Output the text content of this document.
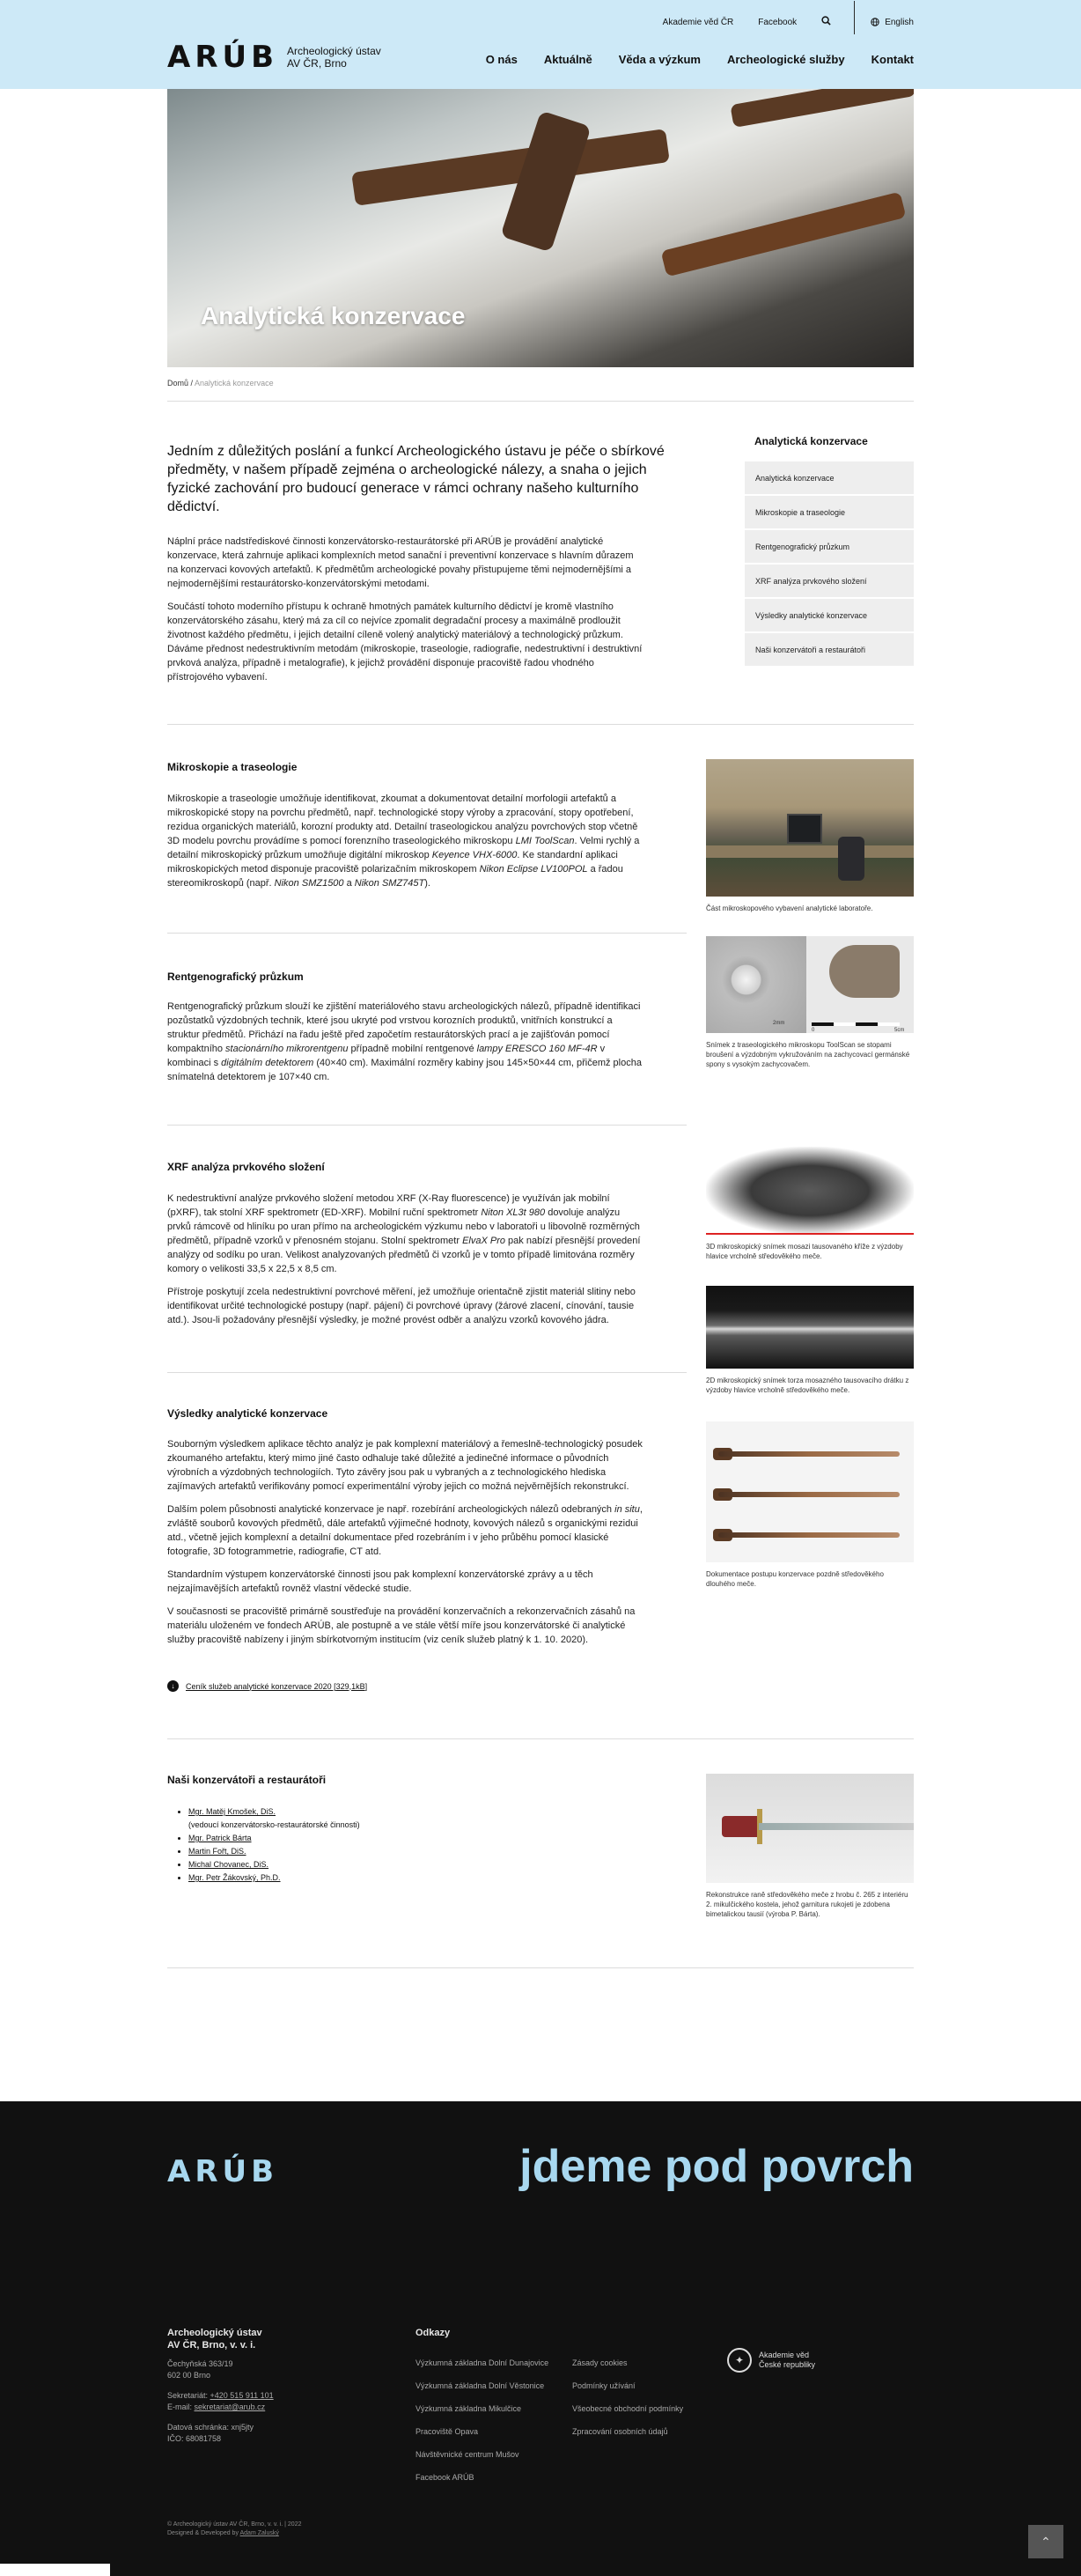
Akademie věd ČR	Facebook	English
ARÚB Archeologický ústav
AV ČR, Brno	O nás Aktuálně Věda a výzkum Archeologické služby Kontakt
Analytická konzervace
Domů / Analytická konzervace
Jedním z důležitých poslání a funkcí Archeologického ústavu je péče o sbírkové předměty, v našem případě zejména o archeologické nálezy, a snaha o jejich fyzické zachování pro budoucí generace v rámci ochrany našeho kulturního dědictví.

Náplní práce nadstřediskové činnosti konzervátorsko-restaurátorské při ARÚB je provádění analytické konzervace, která zahrnuje aplikaci komplexních metod sanační i preventivní konzervace s hlavním důrazem na konzervaci kovových artefaktů. K předmětům archeologické povahy přistupujeme těmi nejmodernějšími a nejmodernějšími restaurátorsko-konzervátorskými metodami.

Součástí tohoto moderního přístupu k ochraně hmotných památek kulturního dědictví je kromě vlastního konzervátorského zásahu, který má za cíl co nejvíce zpomalit degradační procesy a maximálně prodloužit životnost každého předmětu, i jejich detailní cíleně volený analytický materiálový a technologický průzkum. Dáváme přednost nedestruktivním metodám (mikroskopie, traseologie, radiografie, nedestruktivní i destruktivní prvková analýza, případně i metalografie), k jejichž provádění disponuje pracoviště řadou vhodného přístrojového vybavení.

Analytická konzervace
Analytická konzervace
Mikroskopie a traseologie
Rentgenografický průzkum
XRF analýza prvkového složení
Výsledky analytické konzervace
Naši konzervátoři a restaurátoři
Mikroskopie a traseologie

Mikroskopie a traseologie umožňuje identifikovat, zkoumat a dokumentovat detailní morfologii artefaktů a mikroskopické stopy na povrchu předmětů, např. technologické stopy výroby a zpracování, stopy opotřebení, rezidua organických materiálů, korozní produkty atd. Detailní traseologickou analýzu povrchových stop včetně 3D modelu povrchu provádíme s pomocí forenzního traseologického mikroskopu LMI ToolScan. Velmi rychlý a detailní mikroskopický průzkum umožňuje digitální mikroskop Keyence VHX-6000. Ke standardní aplikaci mikroskopických metod disponuje pracoviště polarizačním mikroskopem Nikon Eclipse LV100POL a řadou stereomikroskopů (např. Nikon SMZ1500 a Nikon SMZ745T).

Část mikroskopového vybavení analytické laboratoře.
Rentgenografický průzkum

Rentgenografický průzkum slouží ke zjištění materiálového stavu archeologických nálezů, případně identifikaci pozůstatků výzdobných technik, které jsou ukryté pod vrstvou korozních produktů, vnitřních konstrukcí a struktur předmětů. Přichází na řadu ještě před započetím restaurátorských prací a je zajišťován pomocí kompaktního stacionárního mikrorentgenu případně mobilní rentgenové lampy ERESCO 160 MF-4R v kombinaci s digitálním detektorem (40×40 cm). Maximální rozměry kabiny jsou 145×50×44 cm, přičemž plocha snímatelná detektorem je 107×40 cm.

2mm
0	5cm
Snímek z traseologického mikroskopu ToolScan se stopami broušení a výzdobným vykružováním na zachycovací germánské spony s vysokým zachycovačem.
XRF analýza prvkového složení

K nedestruktivní analýze prvkového složení metodou XRF (X-Ray fluorescence) je využíván jak mobilní (pXRF), tak stolní XRF spektrometr (ED-XRF). Mobilní ruční spektrometr Niton XL3t 980 dovoluje analýzu prvků rámcově od hliníku po uran přímo na archeologickém výzkumu nebo v laboratoři u libovolně rozměrných předmětů, případně vzorků v přenosném stojanu. Stolní spektrometr ElvaX Pro pak nabízí přesnější provedení analýzy od sodíku po uran. Velikost analyzovaných předmětů či vzorků je v tomto případě limitována rozměry komory o velikosti 33,5 x 22,5 x 8,5 cm.

Přístroje poskytují zcela nedestruktivní povrchové měření, jež umožňuje orientačně zjistit materiál slitiny nebo identifikovat určité technologické postupy (např. pájení) či povrchové úpravy (žárové zlacení, cínování, tausie atd.). Jsou-li požadovány přesnější výsledky, je možné provést odběr a analýzu vzorků kovového jádra.

3D mikroskopický snímek mosazi tausovaného kříže z výzdoby hlavice vrcholně středověkého meče.
2D mikroskopický snímek torza mosazného tausovacího drátku z výzdoby hlavice vrcholně středověkého meče.
Výsledky analytické konzervace

Souborným výsledkem aplikace těchto analýz je pak komplexní materiálový a řemeslně-technologický posudek zkoumaného artefaktu, který mimo jiné často odhaluje také důležité a jedinečné informace o původních výrobních a výzdobných technologiích. Tyto závěry jsou pak u vybraných a z technologického hlediska zajímavých artefaktů verifikovány pomocí experimentální výroby jejich co možná nejvěrnějších rekonstrukcí.

Dalším polem působnosti analytické konzervace je např. rozebírání archeologických nálezů odebraných in situ, zvláště souborů kovových předmětů, dále artefaktů výjimečné hodnoty, kovových nálezů s organickými rezidui atd., včetně jejich komplexní a detailní dokumentace před rozebráním i v jeho průběhu pomocí klasické fotografie, 3D fotogrammetrie, radiografie, CT atd.

Standardním výstupem konzervátorské činnosti jsou pak komplexní konzervátorské zprávy a u těch nejzajímavějších artefaktů rovněž vlastní vědecké studie.

V současnosti se pracoviště primárně soustřeďuje na provádění konzervačních a rekonzervačních zásahů na materiálu uloženém ve fondech ARÚB, ale postupně a ve stále větší míře jsou konzervátorské či analytické služby pracoviště nabízeny i jiným sbírkotvorným institucím (viz ceník služeb platný k 1. 10. 2020).

↓	Ceník služeb analytické konzervace 2020 [329,1kB]
Dokumentace postupu konzervace pozdně středověkého dlouhého meče.
Naši konzervátoři a restaurátoři
• Mgr. Matěj Kmošek, DiS.
(vedoucí konzervátorsko-restaurátorské činnosti)
• Mgr. Patrick Bárta
• Martin Fořt, DiS.
• Michal Chovanec, DiS.
• Mgr. Petr Žákovský, Ph.D.
Rekonstrukce raně středověkého meče z hrobu č. 265 z interiéru 2. mikulčického kostela, jehož garnitura rukojeti je zdobena bimetalickou tausií (výroba P. Bárta).
ARÚB	jdeme pod povrch
Archeologický ústav
AV ČR, Brno, v. v. i.
Čechyňská 363/19
602 00 Brno
Sekretariát: +420 515 911 101
E-mail: sekretariat@arub.cz
Datová schránka: xnj5jty
IČO: 68081758
Odkazy
Výzkumná základna Dolní Dunajovice
Výzkumná základna Dolní Věstonice
Výzkumná základna Mikulčice
Pracoviště Opava
Návštěvnické centrum Mušov
Facebook ARÚB
Zásady cookies
Podmínky užívání
Všeobecné obchodní podmínky
Zpracování osobních údajů
✦	Akademie věd
České republiky
© Archeologický ústav AV ČR, Brno, v. v. i. | 2022
Designed & Developed by Adam Zaluský
⌃
